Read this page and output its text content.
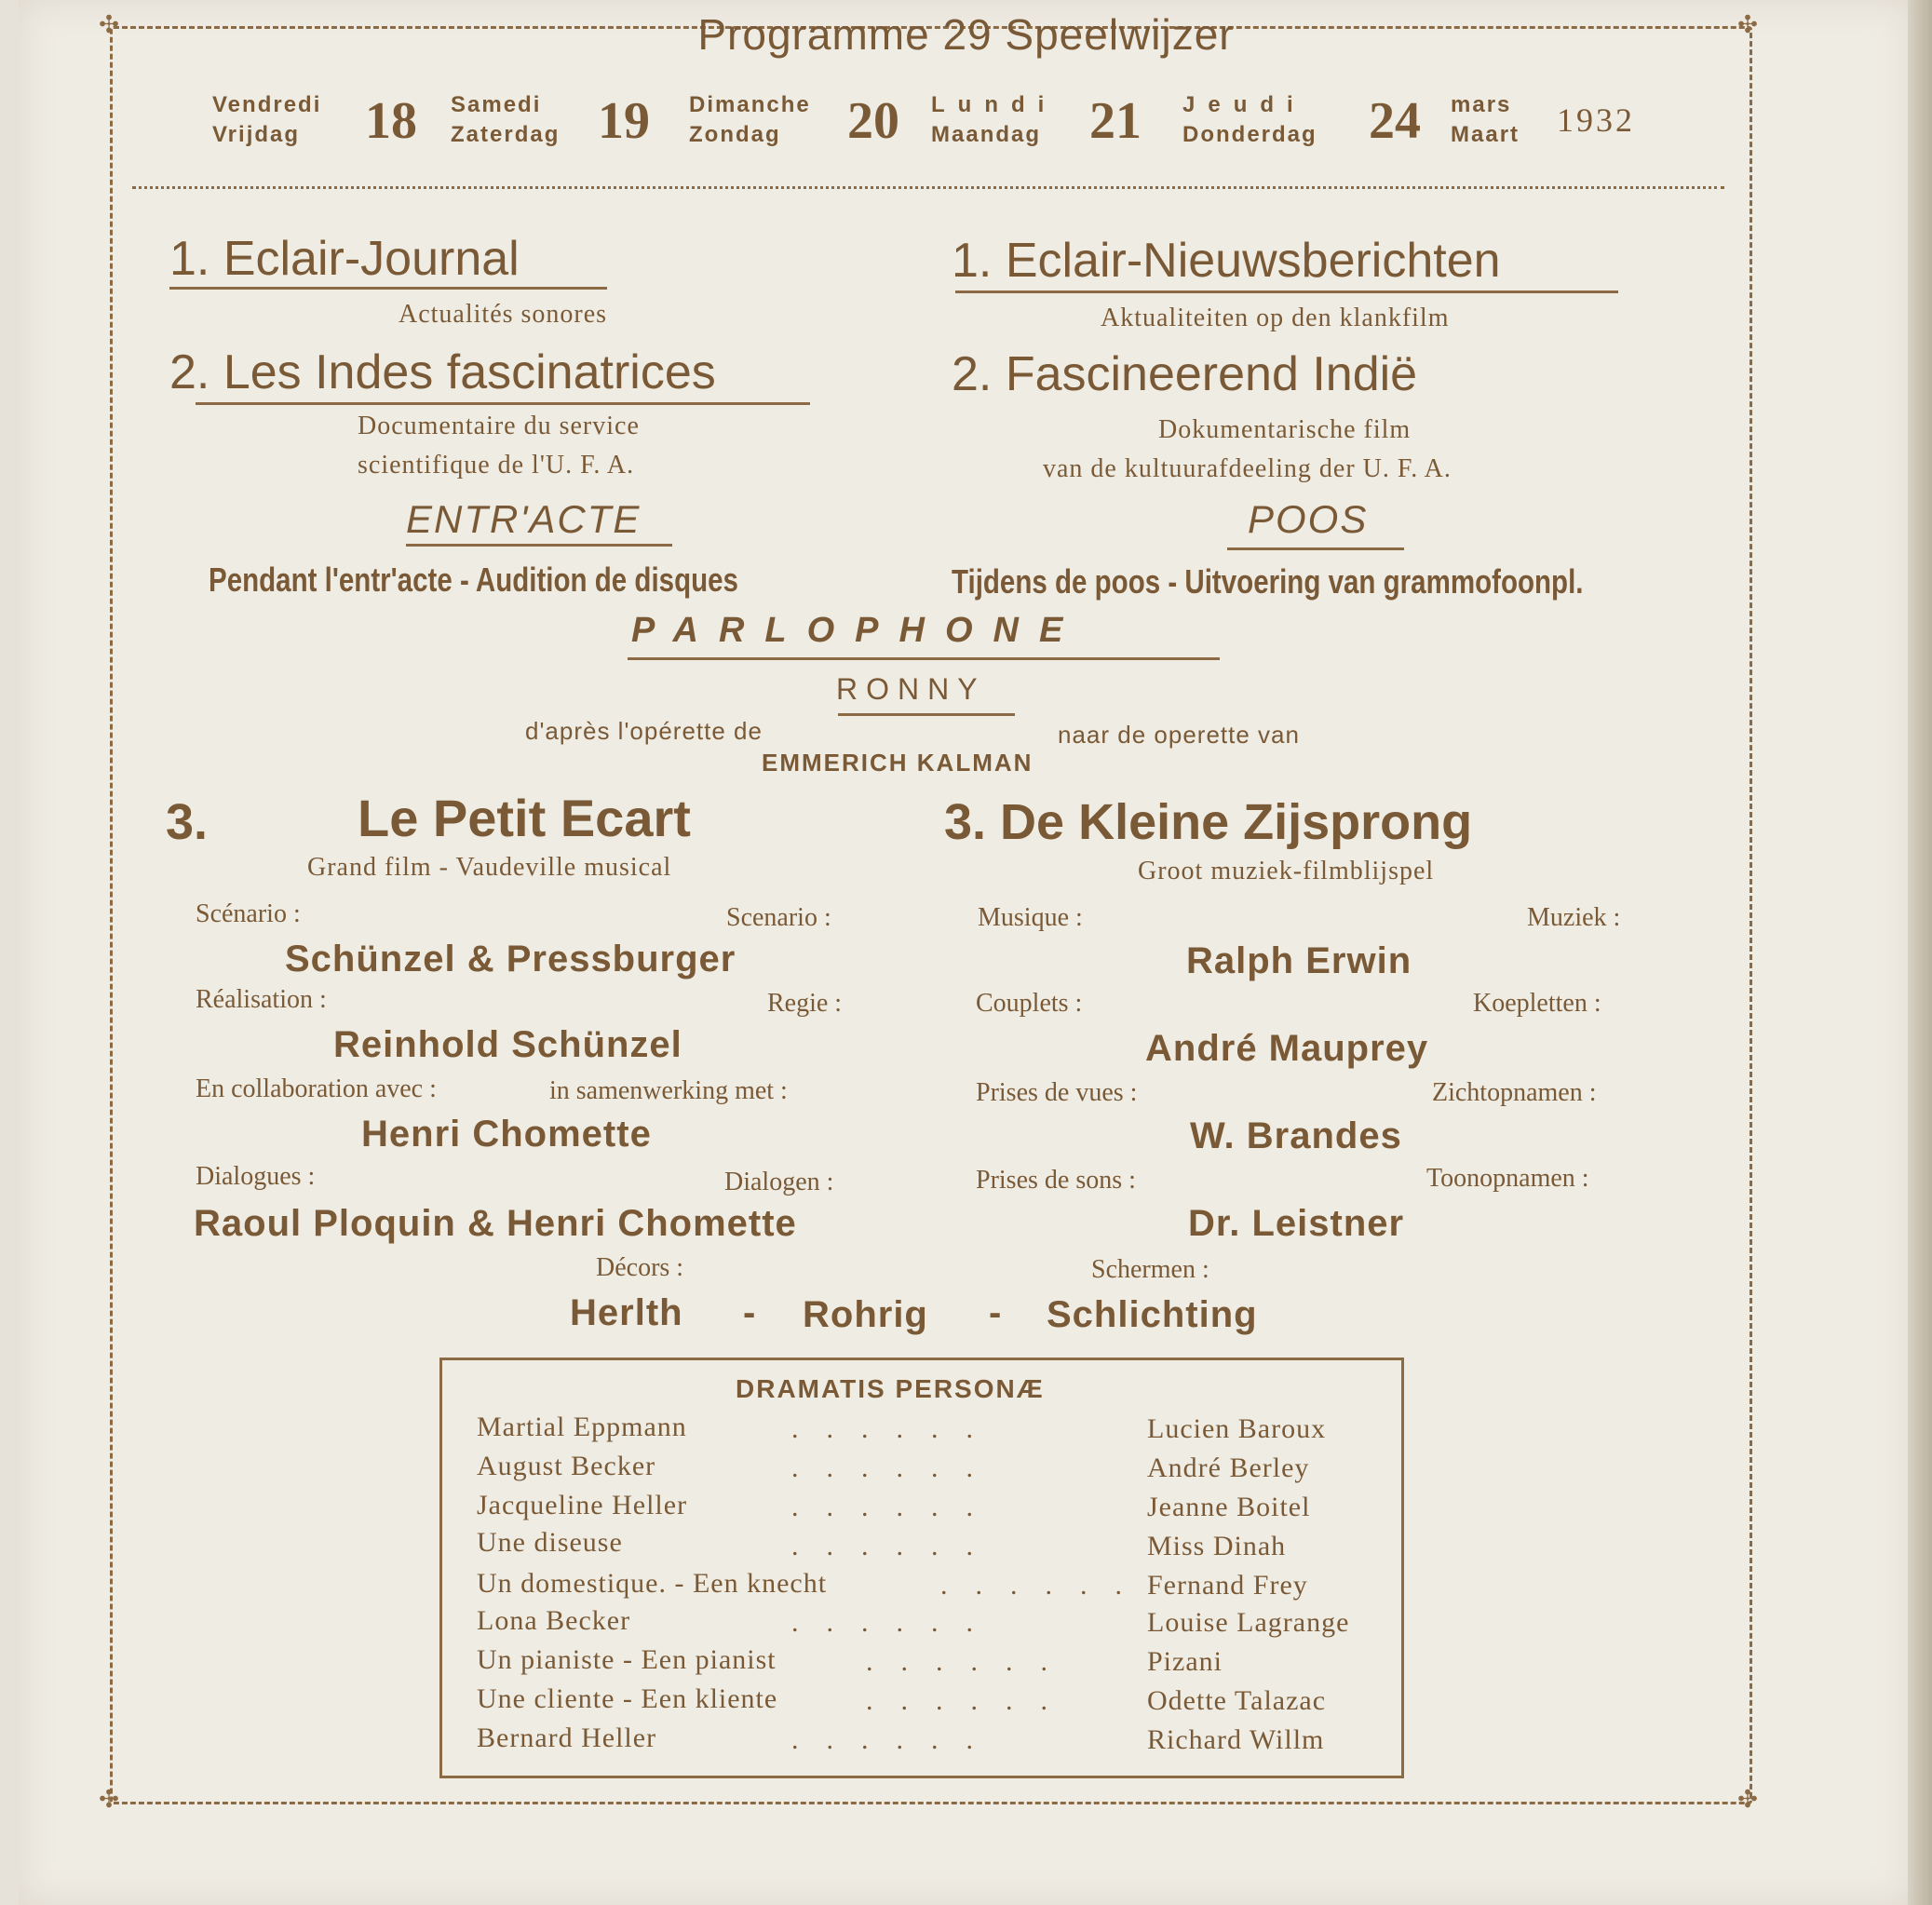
✣	✣
✣	✣
Programme 29 Speelwijzer
Vendredi
Vrijdag 18 Samedi
Zaterdag 19 Dimanche
Zondag 20 Lundi
Maandag 21 Jeudi
Donderdag 24 mars
Maart 1932
1. Eclair-Journal
Actualités sonores
1. Eclair-Nieuwsberichten
Aktualiteiten op den klankfilm
2. Les Indes fascinatrices
Documentaire du service
scientifique de l'U. F. A.
2. Fascineerend Indië
Dokumentarische film
van de kultuurafdeeling der U. F. A.
ENTR'ACTE	POOS
Pendant l'entr'acte - Audition de disques	Tijdens de poos - Uitvoering van grammofoonpl.
PARLOPHONE
RONNY
d'après l'opérette de	naar de operette van
EMMERICH KALMAN
3.	Le Petit Ecart
Grand film - Vaudeville musical
3. De Kleine Zijsprong
Groot muziek-filmblijspel
Scénario :	Scenario :
Schünzel & Pressburger
Réalisation :	Regie :
Reinhold Schünzel
En collaboration avec :	in samenwerking met :
Henri Chomette
Dialogues :	Dialogen :
Raoul Ploquin & Henri Chomette
Musique :	Muziek :
Ralph Erwin
Couplets :	Koepletten :
André Mauprey
Prises de vues :	Zichtopnamen :
W. Brandes
Prises de sons :	Toonopnamen :
Dr. Leistner
Décors :	Schermen :
Herlth - Rohrig - Schlichting
DRAMATIS PERSONÆ
Martial Eppmann	Lucien Baroux
August Becker	André Berley
Jacqueline Heller	Jeanne Boitel
Une diseuse	Miss Dinah
Un domestique. - Een knecht	Fernand Frey
Lona Becker	Louise Lagrange
Un pianiste - Een pianist	Pizani
Une cliente - Een kliente	Odette Talazac
Bernard Heller	Richard Willm
......
......
......
......
......
......
......
......
......
